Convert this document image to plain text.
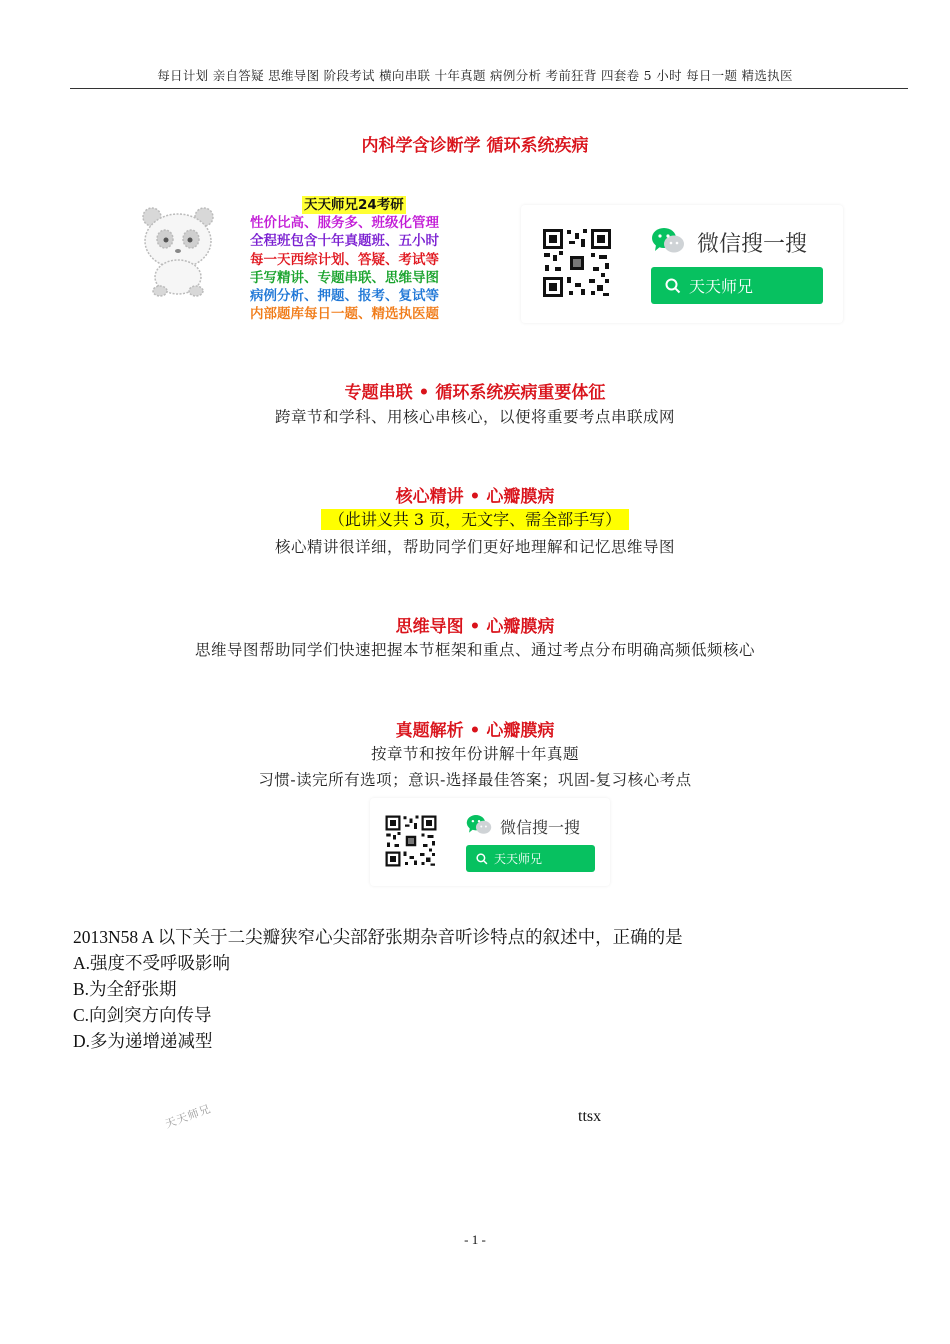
每日计划 亲自答疑 思维导图 阶段考试 横向串联 十年真题 病例分析 考前狂背 四套卷 5 小时 每日一题 精选执医
内科学含诊断学 循环系统疾病
天天师兄24考研
性价比高、服务多、班级化管理
全程班包含十年真题班、五小时
每一天西综计划、答疑、考试等
手写精讲、专题串联、思维导图
病例分析、押题、报考、复试等
内部题库每日一题、精选执医题
微信搜一搜
天天师兄
专题串联 • 循环系统疾病重要体征
跨章节和学科、用核心串核心，以便将重要考点串联成网
核心精讲 • 心瓣膜病
（此讲义共 3 页，无文字、需全部手写）
核心精讲很详细，帮助同学们更好地理解和记忆思维导图
思维导图 • 心瓣膜病
思维导图帮助同学们快速把握本节框架和重点、通过考点分布明确高频低频核心
真题解析 • 心瓣膜病
按章节和按年份讲解十年真题
习惯-读完所有选项；意识-选择最佳答案；巩固-复习核心考点
微信搜一搜
天天师兄
2013N58 A 以下关于二尖瓣狭窄心尖部舒张期杂音听诊特点的叙述中，正确的是
A.强度不受呼吸影响
B.为全舒张期
C.向剑突方向传导
D.多为递增递减型
天天师兄	ttsx
- 1 -
